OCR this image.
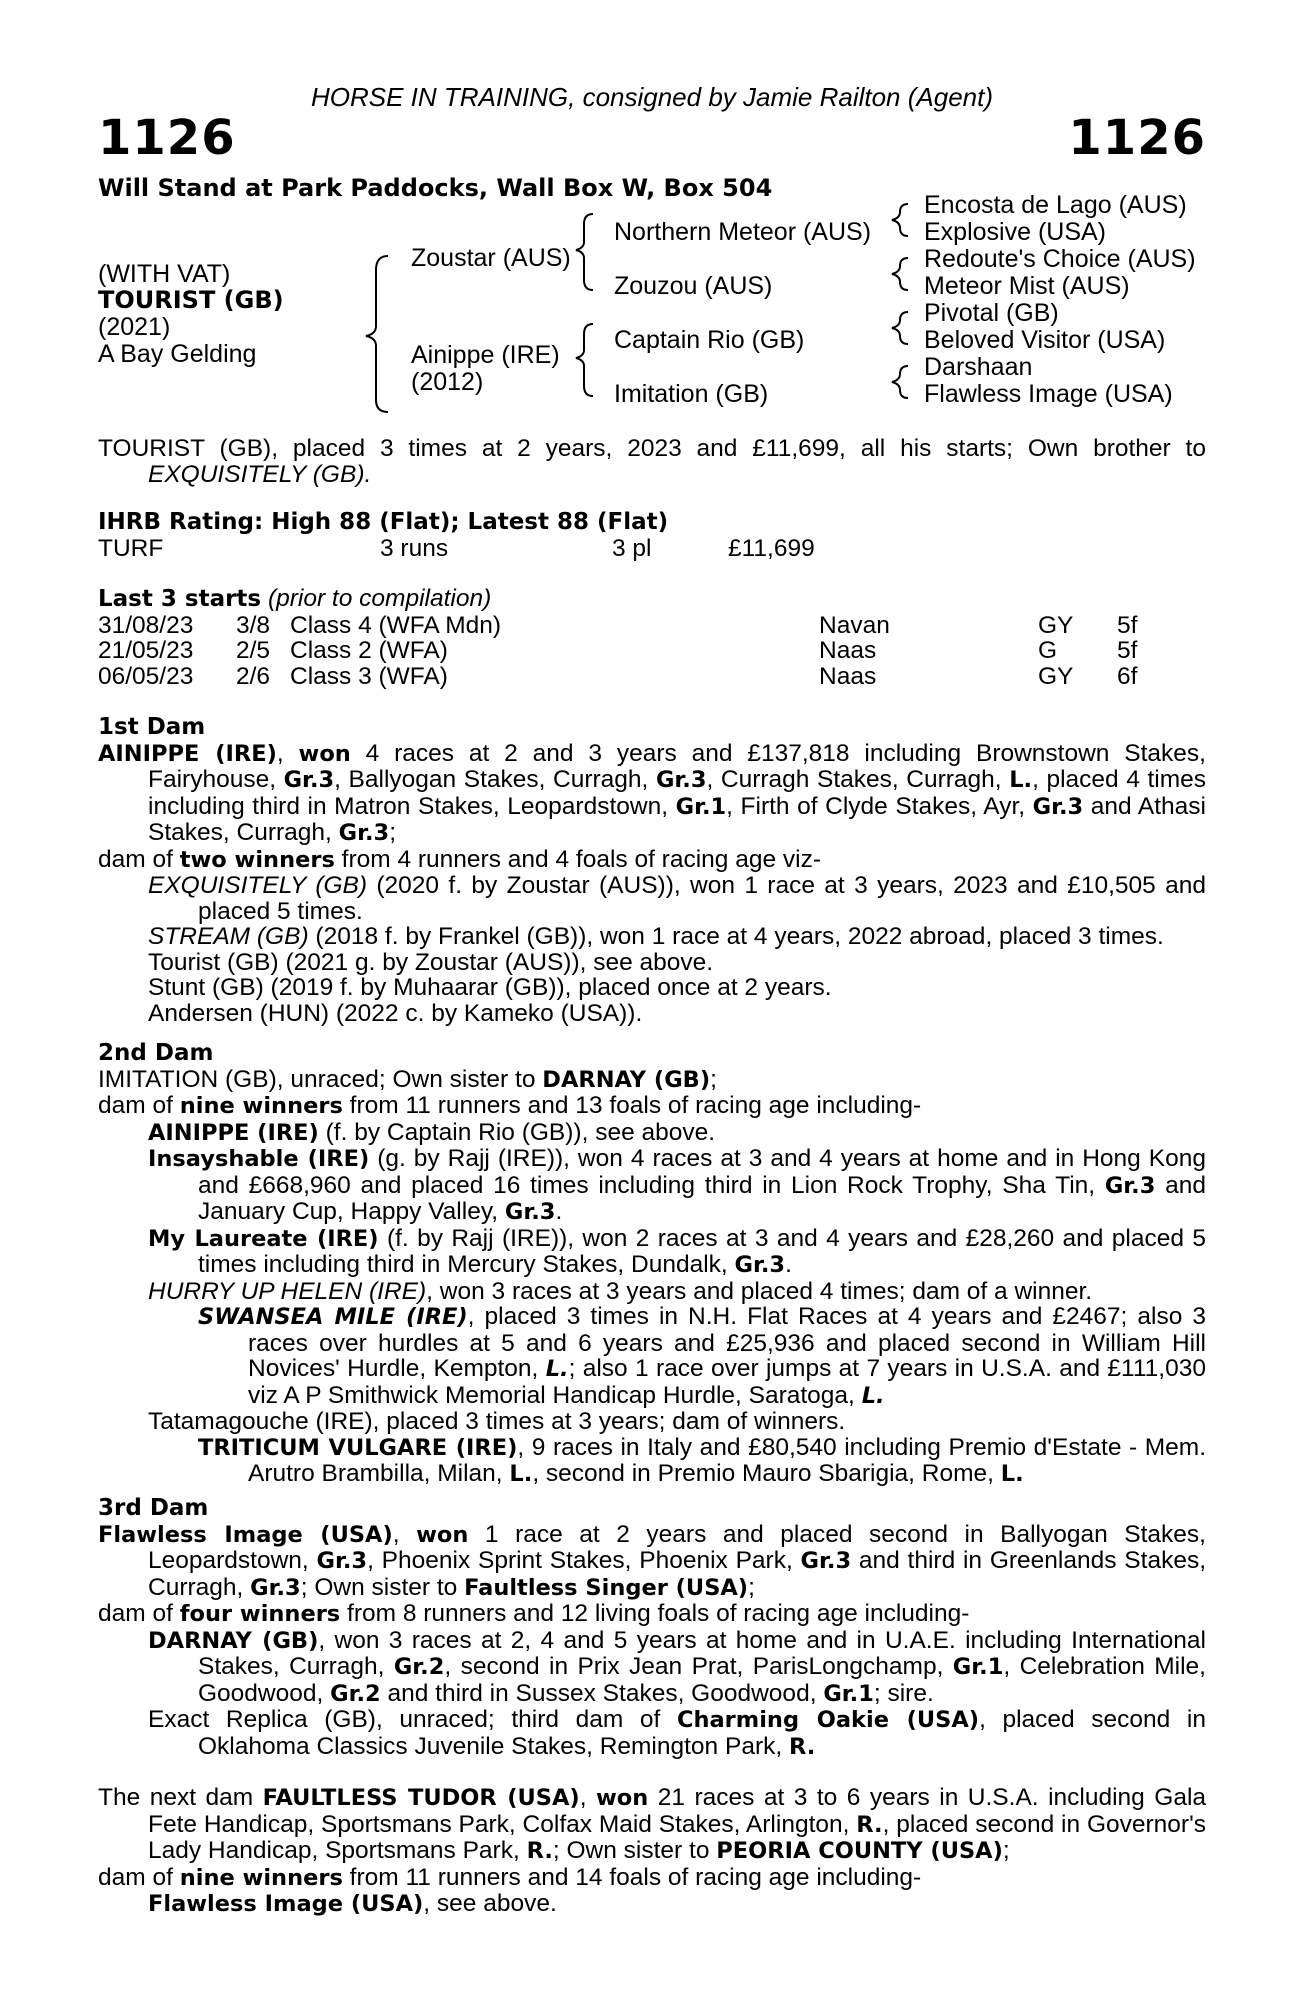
HORSE IN TRAINING, consigned by Jamie Railton (Agent)
1126	1126
Will Stand at Park Paddocks, Wall Box W, Box 504
(WITH VAT)
TOURIST (GB)
(2021)
A Bay Gelding
Zoustar (AUS)
Ainippe (IRE)
(2012)
Northern Meteor (AUS)
Zouzou (AUS)
Captain Rio (GB)
Imitation (GB)
Encosta de Lago (AUS)
Explosive (USA)
Redoute's Choice (AUS)
Meteor Mist (AUS)
Pivotal (GB)
Beloved Visitor (USA)
Darshaan
Flawless Image (USA)

TOURIST (GB), placed 3 times at 2 years, 2023 and £11,699, all his starts; Own brother to

EXQUISITELY (GB).

IHRB Rating: High 88 (Flat); Latest 88 (Flat)
TURF	3 runs	3 pl	£11,699
Last 3 starts (prior to compilation)
31/08/23 3/8 Class 4 (WFA Mdn)	Navan	GY 5f
21/05/23 2/5 Class 2 (WFA)	Naas	G 5f
06/05/23 2/6 Class 3 (WFA)	Naas	GY 6f
1st Dam

AINIPPE (IRE), won 4 races at 2 and 3 years and £137,818 including Brownstown Stakes, Fairyhouse, Gr.3, Ballyogan Stakes, Curragh, Gr.3, Curragh Stakes, Curragh, L., placed 4 times including third in Matron Stakes, Leopardstown, Gr.1, Firth of Clyde Stakes, Ayr, Gr.3 and Athasi Stakes, Curragh, Gr.3;

dam of two winners from 4 runners and 4 foals of racing age viz-

EXQUISITELY (GB) (2020 f. by Zoustar (AUS)), won 1 race at 3 years, 2023 and £10,505 and placed 5 times.

STREAM (GB) (2018 f. by Frankel (GB)), won 1 race at 4 years, 2022 abroad, placed 3 times.

Tourist (GB) (2021 g. by Zoustar (AUS)), see above.

Stunt (GB) (2019 f. by Muhaarar (GB)), placed once at 2 years.

Andersen (HUN) (2022 c. by Kameko (USA)).

2nd Dam

IMITATION (GB), unraced; Own sister to DARNAY (GB);

dam of nine winners from 11 runners and 13 foals of racing age including-

AINIPPE (IRE) (f. by Captain Rio (GB)), see above.

Insayshable (IRE) (g. by Rajj (IRE)), won 4 races at 3 and 4 years at home and in Hong Kong and £668,960 and placed 16 times including third in Lion Rock Trophy, Sha Tin, Gr.3 and January Cup, Happy Valley, Gr.3.

My Laureate (IRE) (f. by Rajj (IRE)), won 2 races at 3 and 4 years and £28,260 and placed 5 times including third in Mercury Stakes, Dundalk, Gr.3.

HURRY UP HELEN (IRE), won 3 races at 3 years and placed 4 times; dam of a winner.

SWANSEA MILE (IRE), placed 3 times in N.H. Flat Races at 4 years and £2467; also 3 races over hurdles at 5 and 6 years and £25,936 and placed second in William Hill Novices' Hurdle, Kempton, L.; also 1 race over jumps at 7 years in U.S.A. and £111,030 viz A P Smithwick Memorial Handicap Hurdle, Saratoga, L.

Tatamagouche (IRE), placed 3 times at 3 years; dam of winners.

TRITICUM VULGARE (IRE), 9 races in Italy and £80,540 including Premio d'Estate - Mem. Arutro Brambilla, Milan, L., second in Premio Mauro Sbarigia, Rome, L.

3rd Dam

Flawless Image (USA), won 1 race at 2 years and placed second in Ballyogan Stakes, Leopardstown, Gr.3, Phoenix Sprint Stakes, Phoenix Park, Gr.3 and third in Greenlands Stakes, Curragh, Gr.3; Own sister to Faultless Singer (USA);

dam of four winners from 8 runners and 12 living foals of racing age including-

DARNAY (GB), won 3 races at 2, 4 and 5 years at home and in U.A.E. including International Stakes, Curragh, Gr.2, second in Prix Jean Prat, ParisLongchamp, Gr.1, Celebration Mile, Goodwood, Gr.2 and third in Sussex Stakes, Goodwood, Gr.1; sire.

Exact Replica (GB), unraced; third dam of Charming Oakie (USA), placed second in Oklahoma Classics Juvenile Stakes, Remington Park, R.

The next dam FAULTLESS TUDOR (USA), won 21 races at 3 to 6 years in U.S.A. including Gala Fete Handicap, Sportsmans Park, Colfax Maid Stakes, Arlington, R., placed second in Governor's Lady Handicap, Sportsmans Park, R.; Own sister to PEORIA COUNTY (USA);

dam of nine winners from 11 runners and 14 foals of racing age including-

Flawless Image (USA), see above.
